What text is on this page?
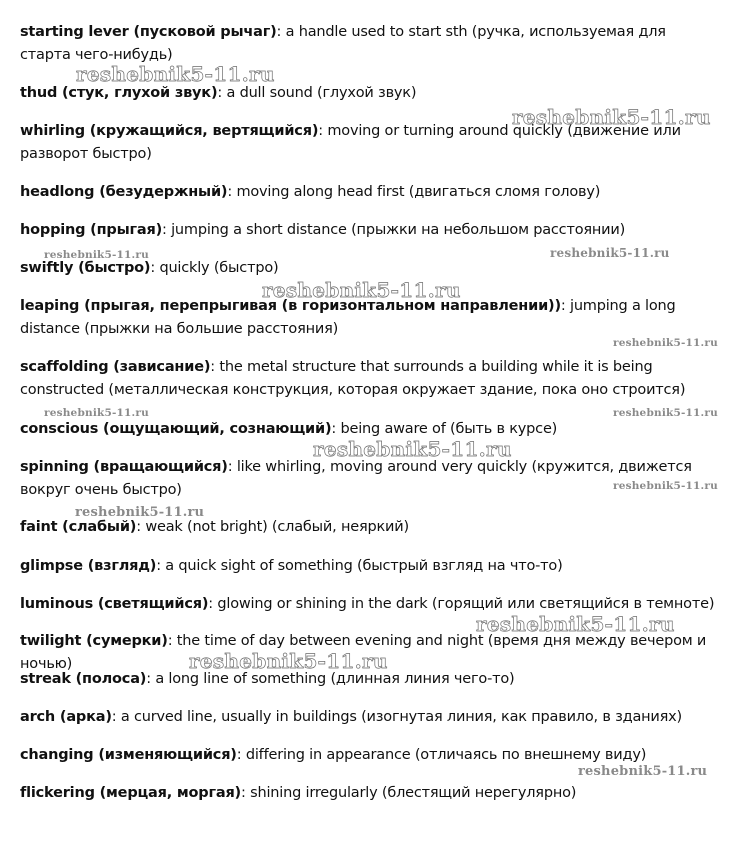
starting lever (пусковой рычаг): a handle used to start sth (ручка, используемая для старта чего-нибудь)
thud (стук, глухой звук): a dull sound (глухой звук)
whirling (кружащийся, вертящийся): moving or turning around quickly (движение или разворот быстро)
headlong (безудержный): moving along head first (двигаться сломя голову)
hopping (прыгая): jumping a short distance (прыжки на небольшом расстоянии)
swiftly (быстро): quickly (быстро)
leaping (прыгая, перепрыгивая (в горизонтальном направлении)): jumping a long distance (прыжки на большие расстояния)
scaffolding (зависание): the metal structure that surrounds a building while it is being constructed (металлическая конструкция, которая окружает здание, пока оно строится)
conscious (ощущающий, сознающий): being aware of (быть в курсе)
spinning (вращающийся): like whirling, moving around very quickly (кружится, движется вокруг очень быстро)
faint (слабый): weak (not bright) (слабый, неяркий)
glimpse (взгляд): a quick sight of something (быстрый взгляд на что-то)
luminous (светящийся): glowing or shining in the dark (горящий или светящийся в темноте)
twilight (сумерки): the time of day between evening and night (время дня между вечером и ночью)
streak (полоса): a long line of something (длинная линия чего-то)
arch (арка): a curved line, usually in buildings (изогнутая линия, как правило, в зданиях)
changing (изменяющийся): differing in appearance (отличаясь по внешнему виду)
flickering (мерцая, моргая): shining irregularly (блестящий нерегулярно)
reshebnik5-11.ru
reshebnik5-11.ru
reshebnik5-11.ru	reshebnik5-11.ru
reshebnik5-11.ru
reshebnik5-11.ru
reshebnik5-11.ru	reshebnik5-11.ru
reshebnik5-11.ru
reshebnik5-11.ru
reshebnik5-11.ru
reshebnik5-11.ru
reshebnik5-11.ru
reshebnik5-11.ru
